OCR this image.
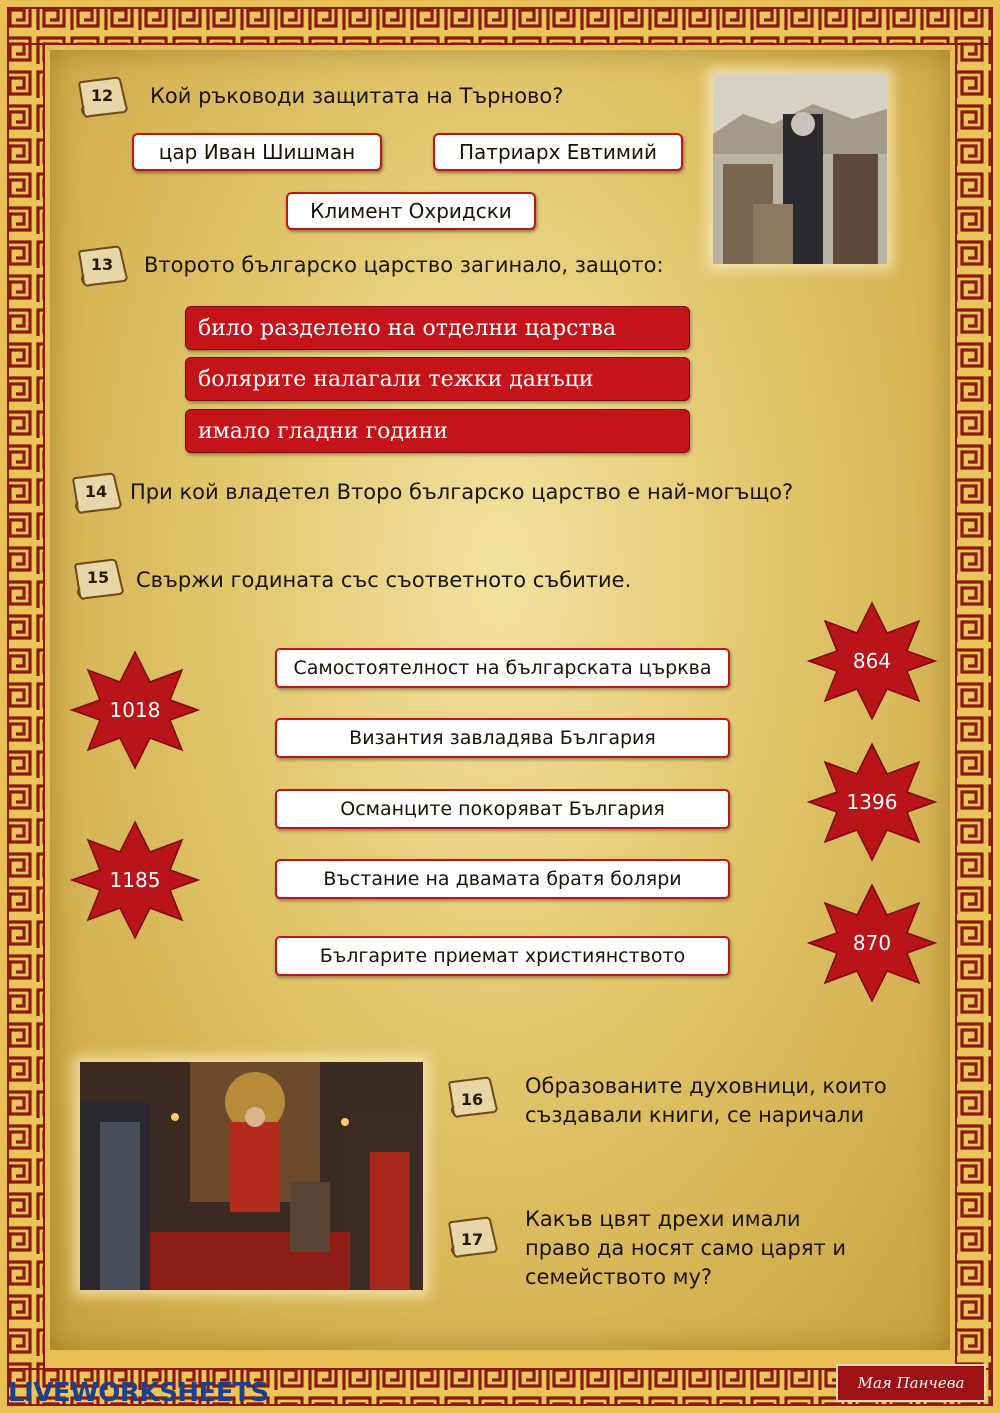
12	Кой ръководи защитата на Търново?
цар Иван Шишман	Патриарх Евтимий
Климент Охридски
13	Второто българско царство загинало, защото:
било разделено на отделни царства
болярите налагали тежки данъци
имало гладни години
14	При кой владетел Второ българско царство е най-могъщо?
15	Свържи годината със съответното събитие.
Самостоятелност на българската църква
Византия завладява България
Османците покоряват България
Въстание на двамата братя боляри
Българите приемат християнството
1018
1185
864
1396
870
16
Образованите духовници, които
създавали книги, се наричали
17
Какъв цвят дрехи имали
право да носят само царят и
семейството му?
LIVEWORKSHEETS	Мая Панчева
